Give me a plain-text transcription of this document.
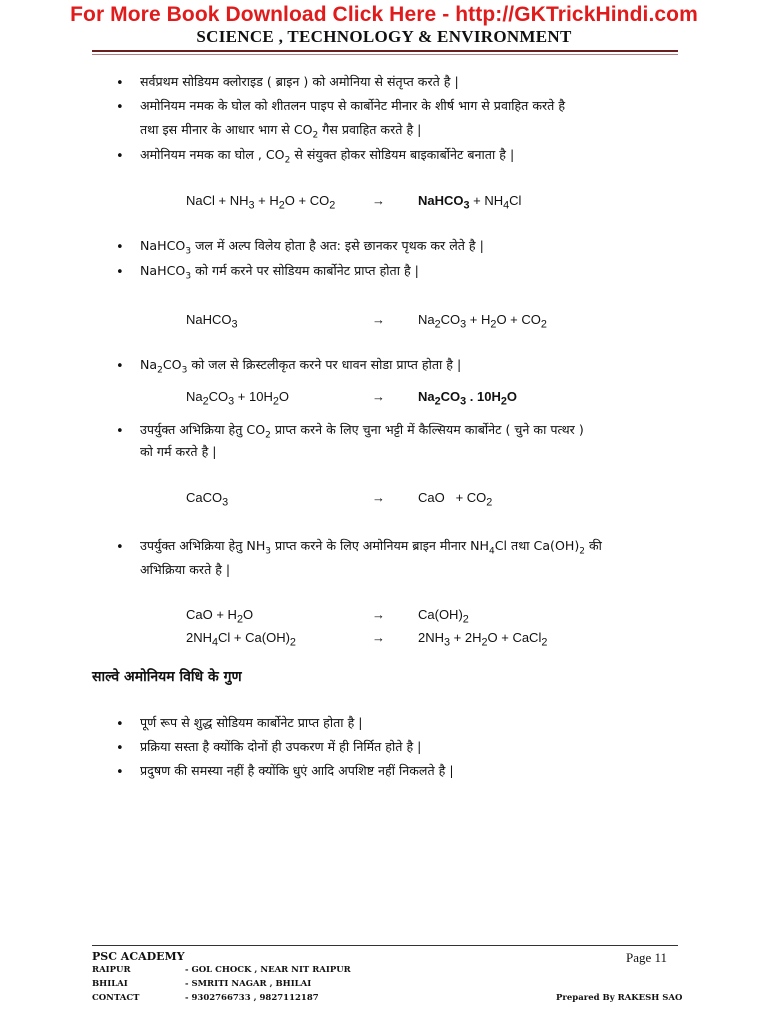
For More Book Download Click Here - http://GKTrickHindi.com
SCIENCE , TECHNOLOGY & ENVIRONMENT
• सर्वप्रथम सोडियम क्लोराइड ( ब्राइन ) को अमोनिया से संतृप्त करते है |
• अमोनियम नमक के घोल को शीतलन पाइप से कार्बोनेट मीनार के शीर्ष भाग से प्रवाहित करते है
तथा इस मीनार के आधार भाग से $CO_2$ गैस प्रवाहित करते है |
• अमोनियम नमक का घोल , $CO_2$ से संयुक्त होकर सोडियम बाइकार्बोनेट बनाता है |
NaCl + $NH_3 + H_2O + CO_2$	→	NaHCO$_3$ + $NH_4Cl$
• NaHCO$_3$ जल में अल्प विलेय होता है अत: इसे छानकर पृथक कर लेते है |
• NaHCO$_3$ को गर्म करने पर सोडियम कार्बोनेट प्राप्त होता है |
NaHCO$_3$	→	$Na_2CO_3 + H_2O + CO_2$
• $Na_2CO_3$ को जल से क्रिस्टलीकृत करने पर धावन सोडा प्राप्त होता है |
$Na_2CO_3 + 10H_2O$	→	$Na_2CO_3$ . $10H_2O$
• उपर्युक्त अभिक्रिया हेतु $CO_2$ प्राप्त करने के लिए चुना भट्टी में कैल्सियम कार्बोनेट ( चुने का पत्थर )
को गर्म करते है |
CaCO$_3$	→	CaO   + $CO_2$
• उपर्युक्त अभिक्रिया हेतु $NH_3$ प्राप्त करने के लिए अमोनियम ब्राइन मीनार $NH_4Cl$ तथा $Ca(OH)_2$ की
अभिक्रिया करते है |
CaO + $H_2O$	→	$Ca(OH)_2$
$2NH_4Cl + Ca(OH)_2$	→	$2NH_3 + 2H_2O$ + CaCl$_2$
साल्वे अमोनियम विधि के गुण
• पूर्ण रूप से शुद्ध सोडियम कार्बोनेट प्राप्त होता है |
• प्रक्रिया सस्ता है क्योंकि दोनों ही उपकरण में ही निर्मित होते है |
• प्रदुषण की समस्या नहीं है क्योंकि धुएं आदि अपशिष्ट नहीं निकलते है |
PSC ACADEMY	Page 11
RAIPUR	- GOL CHOCK , NEAR NIT RAIPUR
BHILAI	- SMRITI NAGAR , BHILAI
CONTACT	- 9302766733 , 9827112187	Prepared By RAKESH SAO
